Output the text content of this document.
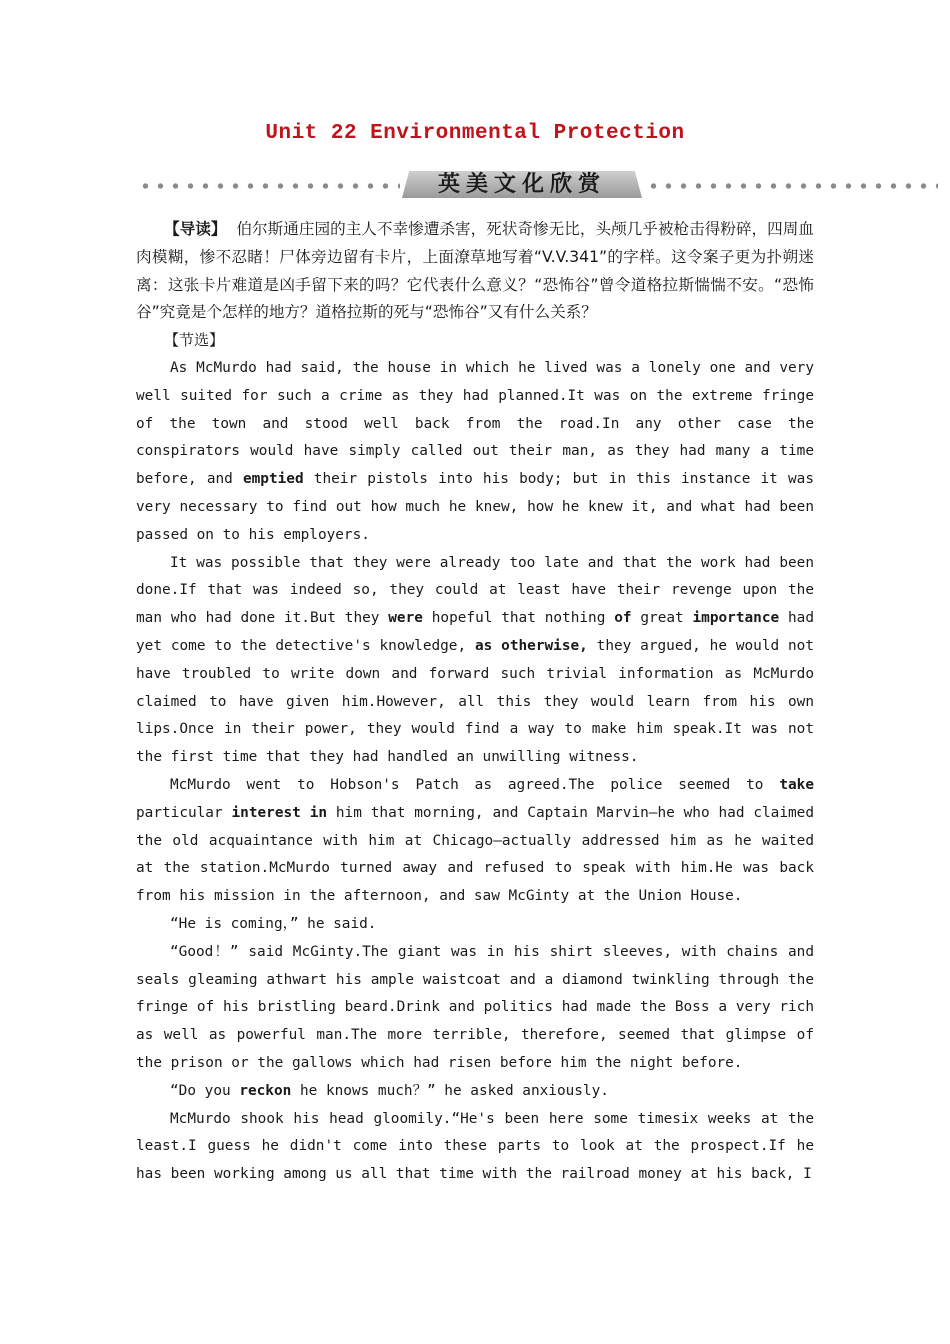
Unit 22 Environmental Protection
英美文化欣赏

【导读】 伯尔斯通庄园的主人不幸惨遭杀害，死状奇惨无比，头颅几乎被枪击得粉碎，四周血肉模糊，惨不忍睹！尸体旁边留有卡片，上面潦草地写着“V.V.341”的字样。这令案子更为扑朔迷离：这张卡片难道是凶手留下来的吗？它代表什么意义？“恐怖谷”曾令道格拉斯惴惴不安。“恐怖谷”究竟是个怎样的地方？道格拉斯的死与“恐怖谷”又有什么关系？

【节选】

As McMurdo had said, the house in which he lived was a lonely one and very well suited for such a crime as they had planned.It was on the extreme fringe of the town and stood well back from the road.In any other case the conspirators would have simply called out their man, as they had many a time before, and emptied their pistols into his body; but in this instance it was very necessary to find out how much he knew, how he knew it, and what had been passed on to his employers.

It was possible that they were already too late and that the work had been done.If that was indeed so, they could at least have their revenge upon the man who had done it.But they were hopeful that nothing of great importance had yet come to the detective's knowledge, as otherwise, they argued, he would not have troubled to write down and forward such trivial information as McMurdo claimed to have given him.However, all this they would learn from his own lips.Once in their power, they would find a way to make him speak.It was not the first time that they had handled an unwilling witness.

McMurdo went to Hobson's Patch as agreed.The police seemed to take particular interest in him that morning, and Captain Marvin—he who had claimed the old acquaintance with him at Chicago—actually addressed him as he waited at the station.McMurdo turned away and refused to speak with him.He was back from his mission in the afternoon, and saw McGinty at the Union House.

“He is coming，” he said.

“Good！” said McGinty.The giant was in his shirt sleeves, with chains and seals gleaming athwart his ample waistcoat and a diamond twinkling through the fringe of his bristling beard.Drink and politics had made the Boss a very rich as well as powerful man.The more terrible, therefore, seemed that glimpse of the prison or the gallows which had risen before him the night before.

“Do you reckon he knows much？” he asked anxiously.

McMurdo shook his head gloomily.“He's been here some timesix weeks at the least.I guess he didn't come into these parts to look at the prospect.If he has been working among us all that time with the railroad money at his back, I
